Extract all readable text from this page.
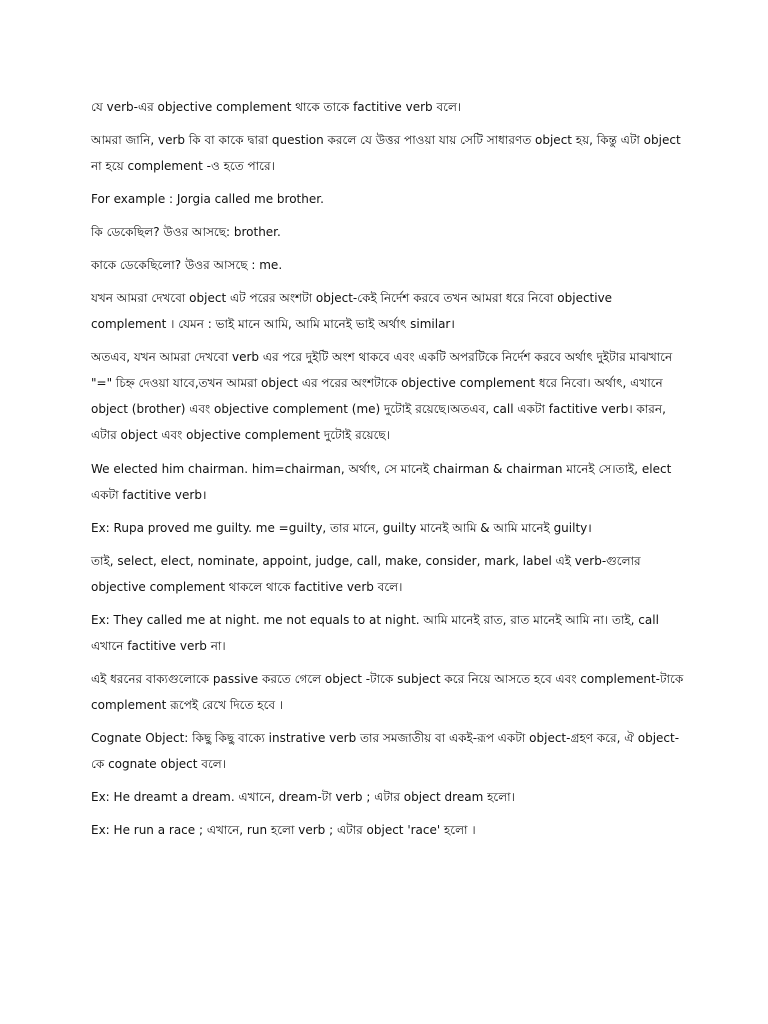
যে verb-এর objective complement থাকে তাকে factitive verb বলে।

আমরা জানি, verb কি বা কাকে দ্বারা question করলে যে উত্তর পাওয়া যায় সেটি সাধারণত object হয়, কিন্তু এটা object না হয়ে complement -ও হতে পারে।

For example : Jorgia called me brother.

কি ডেকেছিল? উওর আসছে: brother.

কাকে ডেকেছিলো? উওর আসছে : me.

যখন আমরা দেখবো object এট পরের অংশটা object-কেই নির্দেশ করবে তখন আমরা ধরে নিবো objective complement । যেমন : ভাই মানে আমি, আমি মানেই ভাই অর্থাৎ similar।

অতএব, যখন আমরা দেখবো verb এর পরে দুইটি অংশ থাকবে এবং একটি অপরটিকে নির্দেশ করবে অর্থাৎ দুইটার মাঝখানে "=" চিহ্ন দেওয়া যাবে,তখন আমরা object এর পরের অংশটাকে objective complement ধরে নিবো। অর্থাৎ, এখানে object (brother) এবং objective complement (me) দুটোই রয়েছে।অতএব, call একটা factitive verb। কারন, এটার object এবং objective complement দুটোই রয়েছে।

We elected him chairman. him=chairman, অর্থাৎ, সে মানেই chairman & chairman মানেই সে।তাই, elect একটা factitive verb।

Ex: Rupa proved me guilty. me =guilty, তার মানে, guilty মানেই আমি & আমি মানেই guilty।

তাই, select, elect, nominate, appoint, judge, call, make, consider, mark, label এই verb-গুলোর objective complement থাকলে থাকে factitive verb বলে।

Ex: They called me at night. me not equals to at night. আমি মানেই রাত, রাত মানেই আমি না। তাই, call এখানে factitive verb না।

এই ধরনের বাক্যগুলোকে passive করতে গেলে object -টাকে subject করে নিয়ে আসতে হবে এবং complement-টাকে complement রূপেই রেখে দিতে হবে ।

Cognate Object: কিছু কিছু বাক্যে instrative verb তার সমজাতীয় বা একই-রূপ একটা object-গ্রহণ করে, ঐ object-কে cognate object বলে।

Ex: He dreamt a dream. এখানে, dream-টা verb ; এটার object dream হলো।

Ex: He run a race ; এখানে, run হলো verb ; এটার object 'race' হলো ।
